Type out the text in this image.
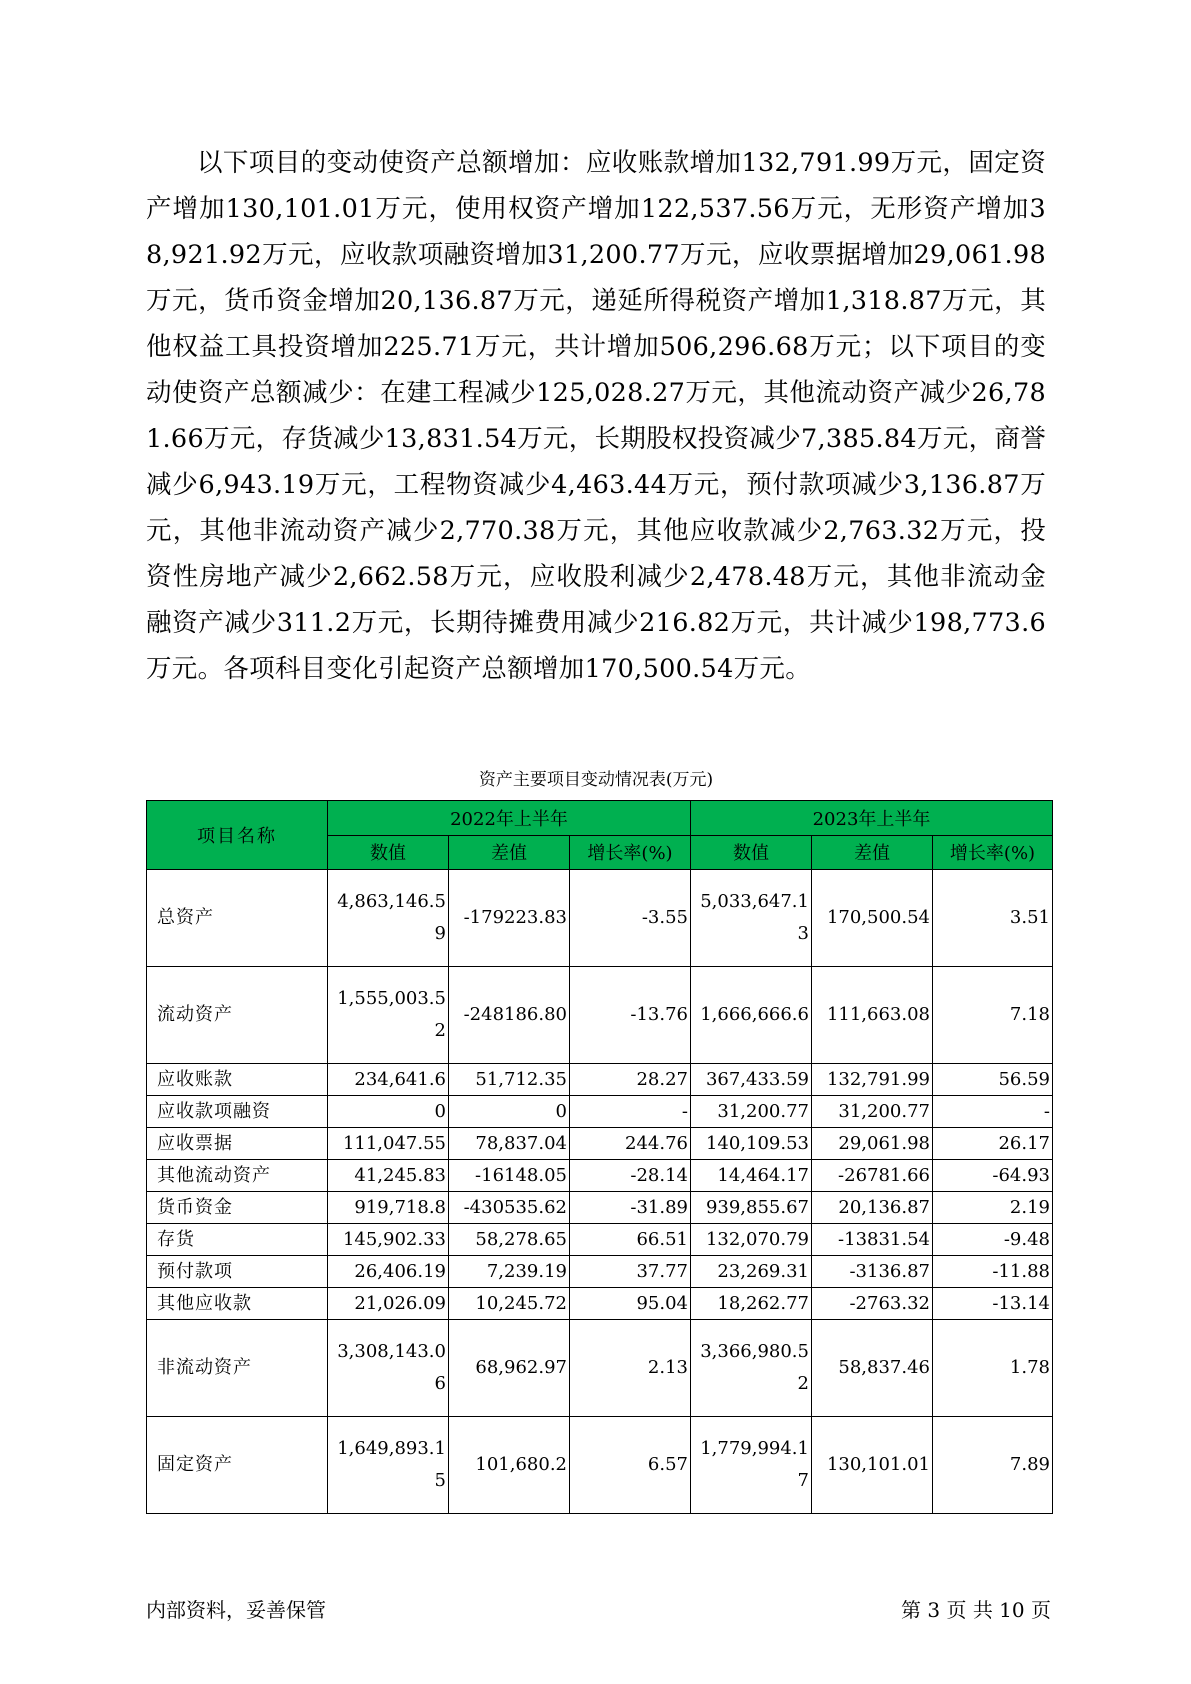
以下项目的变动使资产总额增加：应收账款增加132,791.99万元，固定资产增加130,101.01万元，使用权资产增加122,537.56万元，无形资产增加38,921.92万元，应收款项融资增加31,200.77万元，应收票据增加29,061.98万元，货币资金增加20,136.87万元，递延所得税资产增加1,318.87万元，其他权益工具投资增加225.71万元，共计增加506,296.68万元；以下项目的变动使资产总额减少：在建工程减少125,028.27万元，其他流动资产减少26,781.66万元，存货减少13,831.54万元，长期股权投资减少7,385.84万元，商誉减少6,943.19万元，工程物资减少4,463.44万元，预付款项减少3,136.87万元，其他非流动资产减少2,770.38万元，其他应收款减少2,763.32万元，投资性房地产减少2,662.58万元，应收股利减少2,478.48万元，其他非流动金融资产减少311.2万元，长期待摊费用减少216.82万元，共计减少198,773.6万元。各项科目变化引起资产总额增加170,500.54万元。

资产主要项目变动情况表(万元)
项目名称	2022年上半年			2023年上半年		
	数值	差值	增长率(%)	数值	差值	增长率(%)
总资产	4,863,146.59	-179223.83	-3.55	5,033,647.13	170,500.54	3.51
流动资产	1,555,003.52	-248186.80	-13.76	1,666,666.6	111,663.08	7.18
应收账款	234,641.6	51,712.35	28.27	367,433.59	132,791.99	56.59
应收款项融资	0	0	-	31,200.77	31,200.77	-
应收票据	111,047.55	78,837.04	244.76	140,109.53	29,061.98	26.17
其他流动资产	41,245.83	-16148.05	-28.14	14,464.17	-26781.66	-64.93
货币资金	919,718.8	-430535.62	-31.89	939,855.67	20,136.87	2.19
存货	145,902.33	58,278.65	66.51	132,070.79	-13831.54	-9.48
预付款项	26,406.19	7,239.19	37.77	23,269.31	-3136.87	-11.88
其他应收款	21,026.09	10,245.72	95.04	18,262.77	-2763.32	-13.14
非流动资产	3,308,143.06	68,962.97	2.13	3,366,980.52	58,837.46	1.78
固定资产	1,649,893.15	101,680.2	6.57	1,779,994.17	130,101.01	7.89
内部资料，妥善保管	第 3 页 共 10 页
